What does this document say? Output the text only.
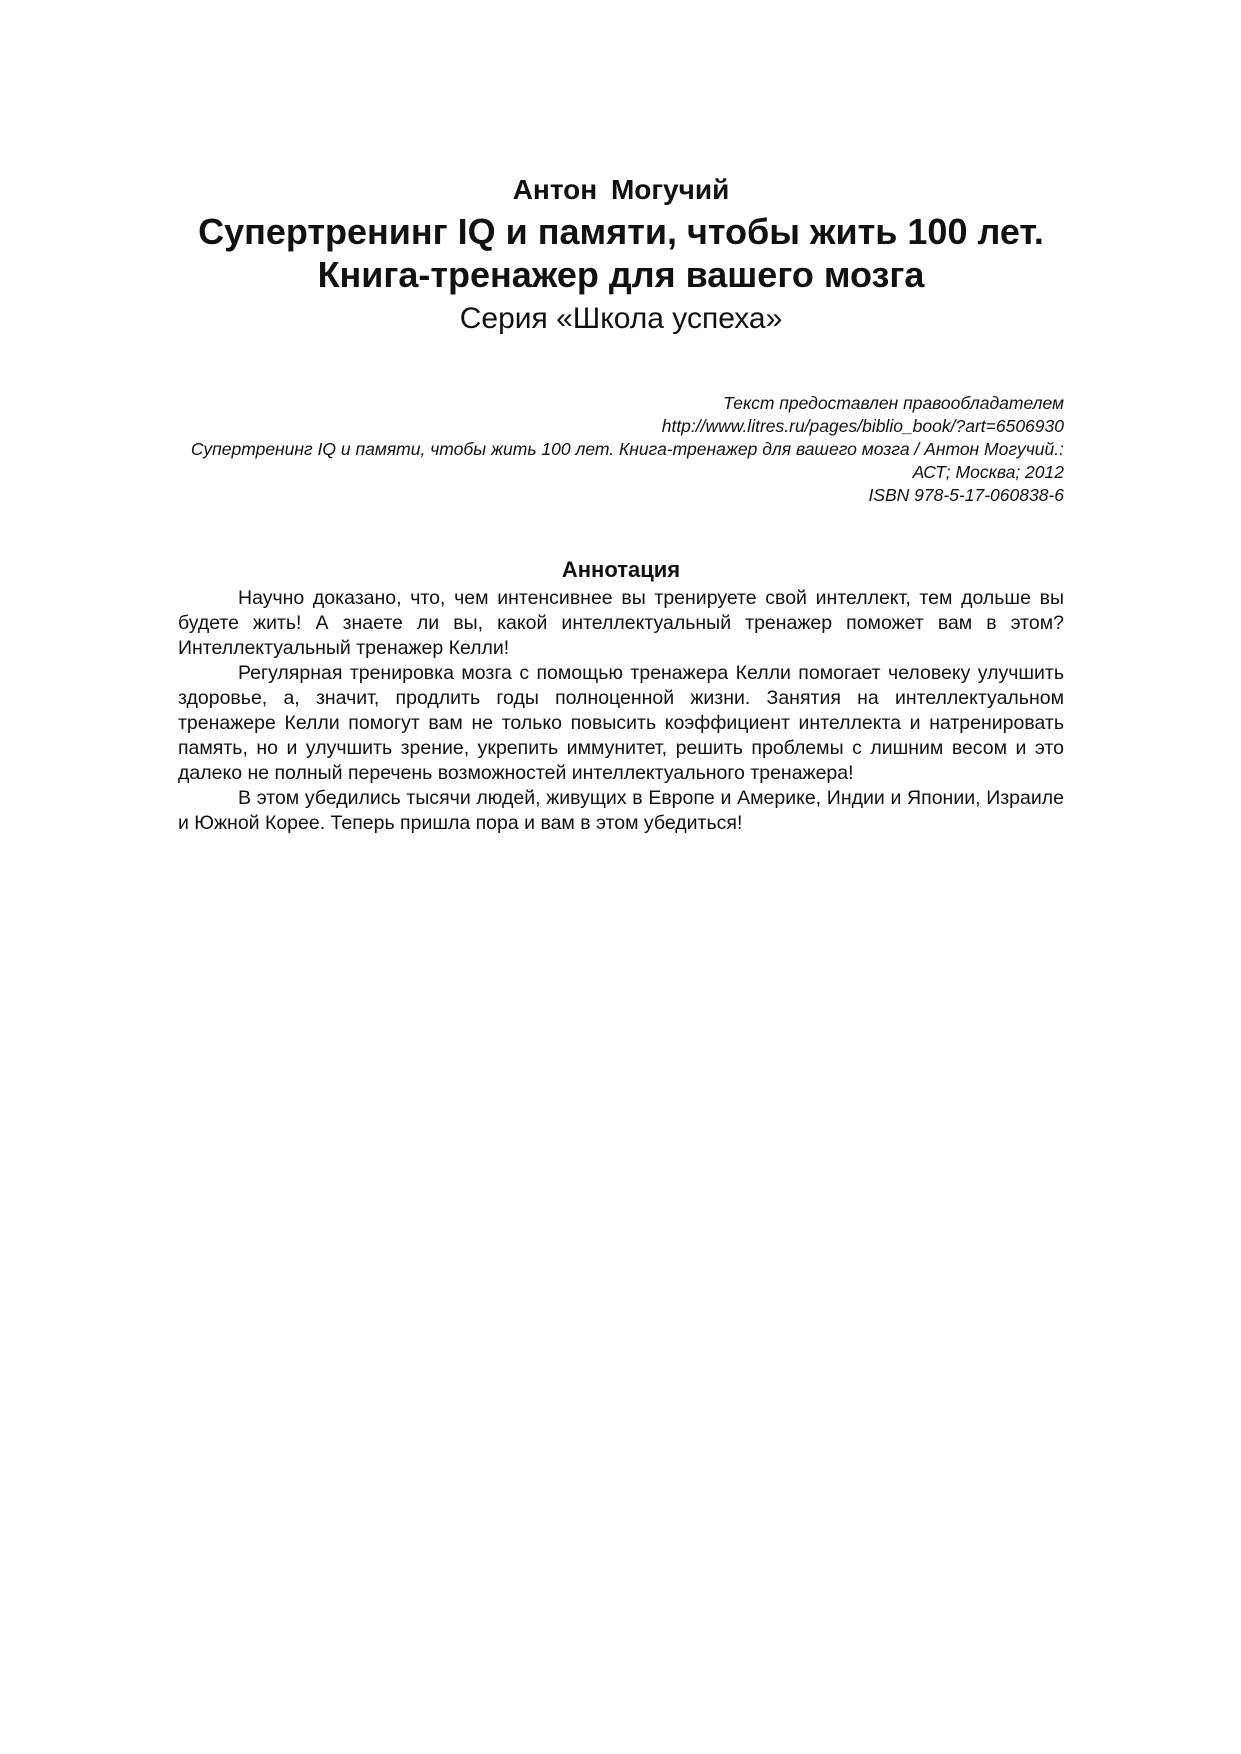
Антон Могучий

Супертренинг IQ и памяти, чтобы жить 100 лет. Книга-тренажер для вашего мозга

Серия «Школа успеха»

Текст предоставлен правообладателем
http://www.litres.ru/pages/biblio_book/?art=6506930
Супертренинг IQ и памяти, чтобы жить 100 лет. Книга-тренажер для вашего мозга / Антон Могучий.: АСТ; Москва; 2012
ISBN 978-5-17-060838-6

Аннотация

Научно доказано, что, чем интенсивнее вы тренируете свой интеллект, тем дольше вы будете жить! А знаете ли вы, какой интеллектуальный тренажер поможет вам в этом? Интеллектуальный тренажер Келли!

Регулярная тренировка мозга с помощью тренажера Келли помогает человеку улучшить здоровье, а, значит, продлить годы полноценной жизни. Занятия на интеллектуальном тренажере Келли помогут вам не только повысить коэффициент интеллекта и натренировать память, но и улучшить зрение, укрепить иммунитет, решить проблемы с лишним весом и это далеко не полный перечень возможностей интеллектуального тренажера!

В этом убедились тысячи людей, живущих в Европе и Америке, Индии и Японии, Израиле и Южной Корее. Теперь пришла пора и вам в этом убедиться!
